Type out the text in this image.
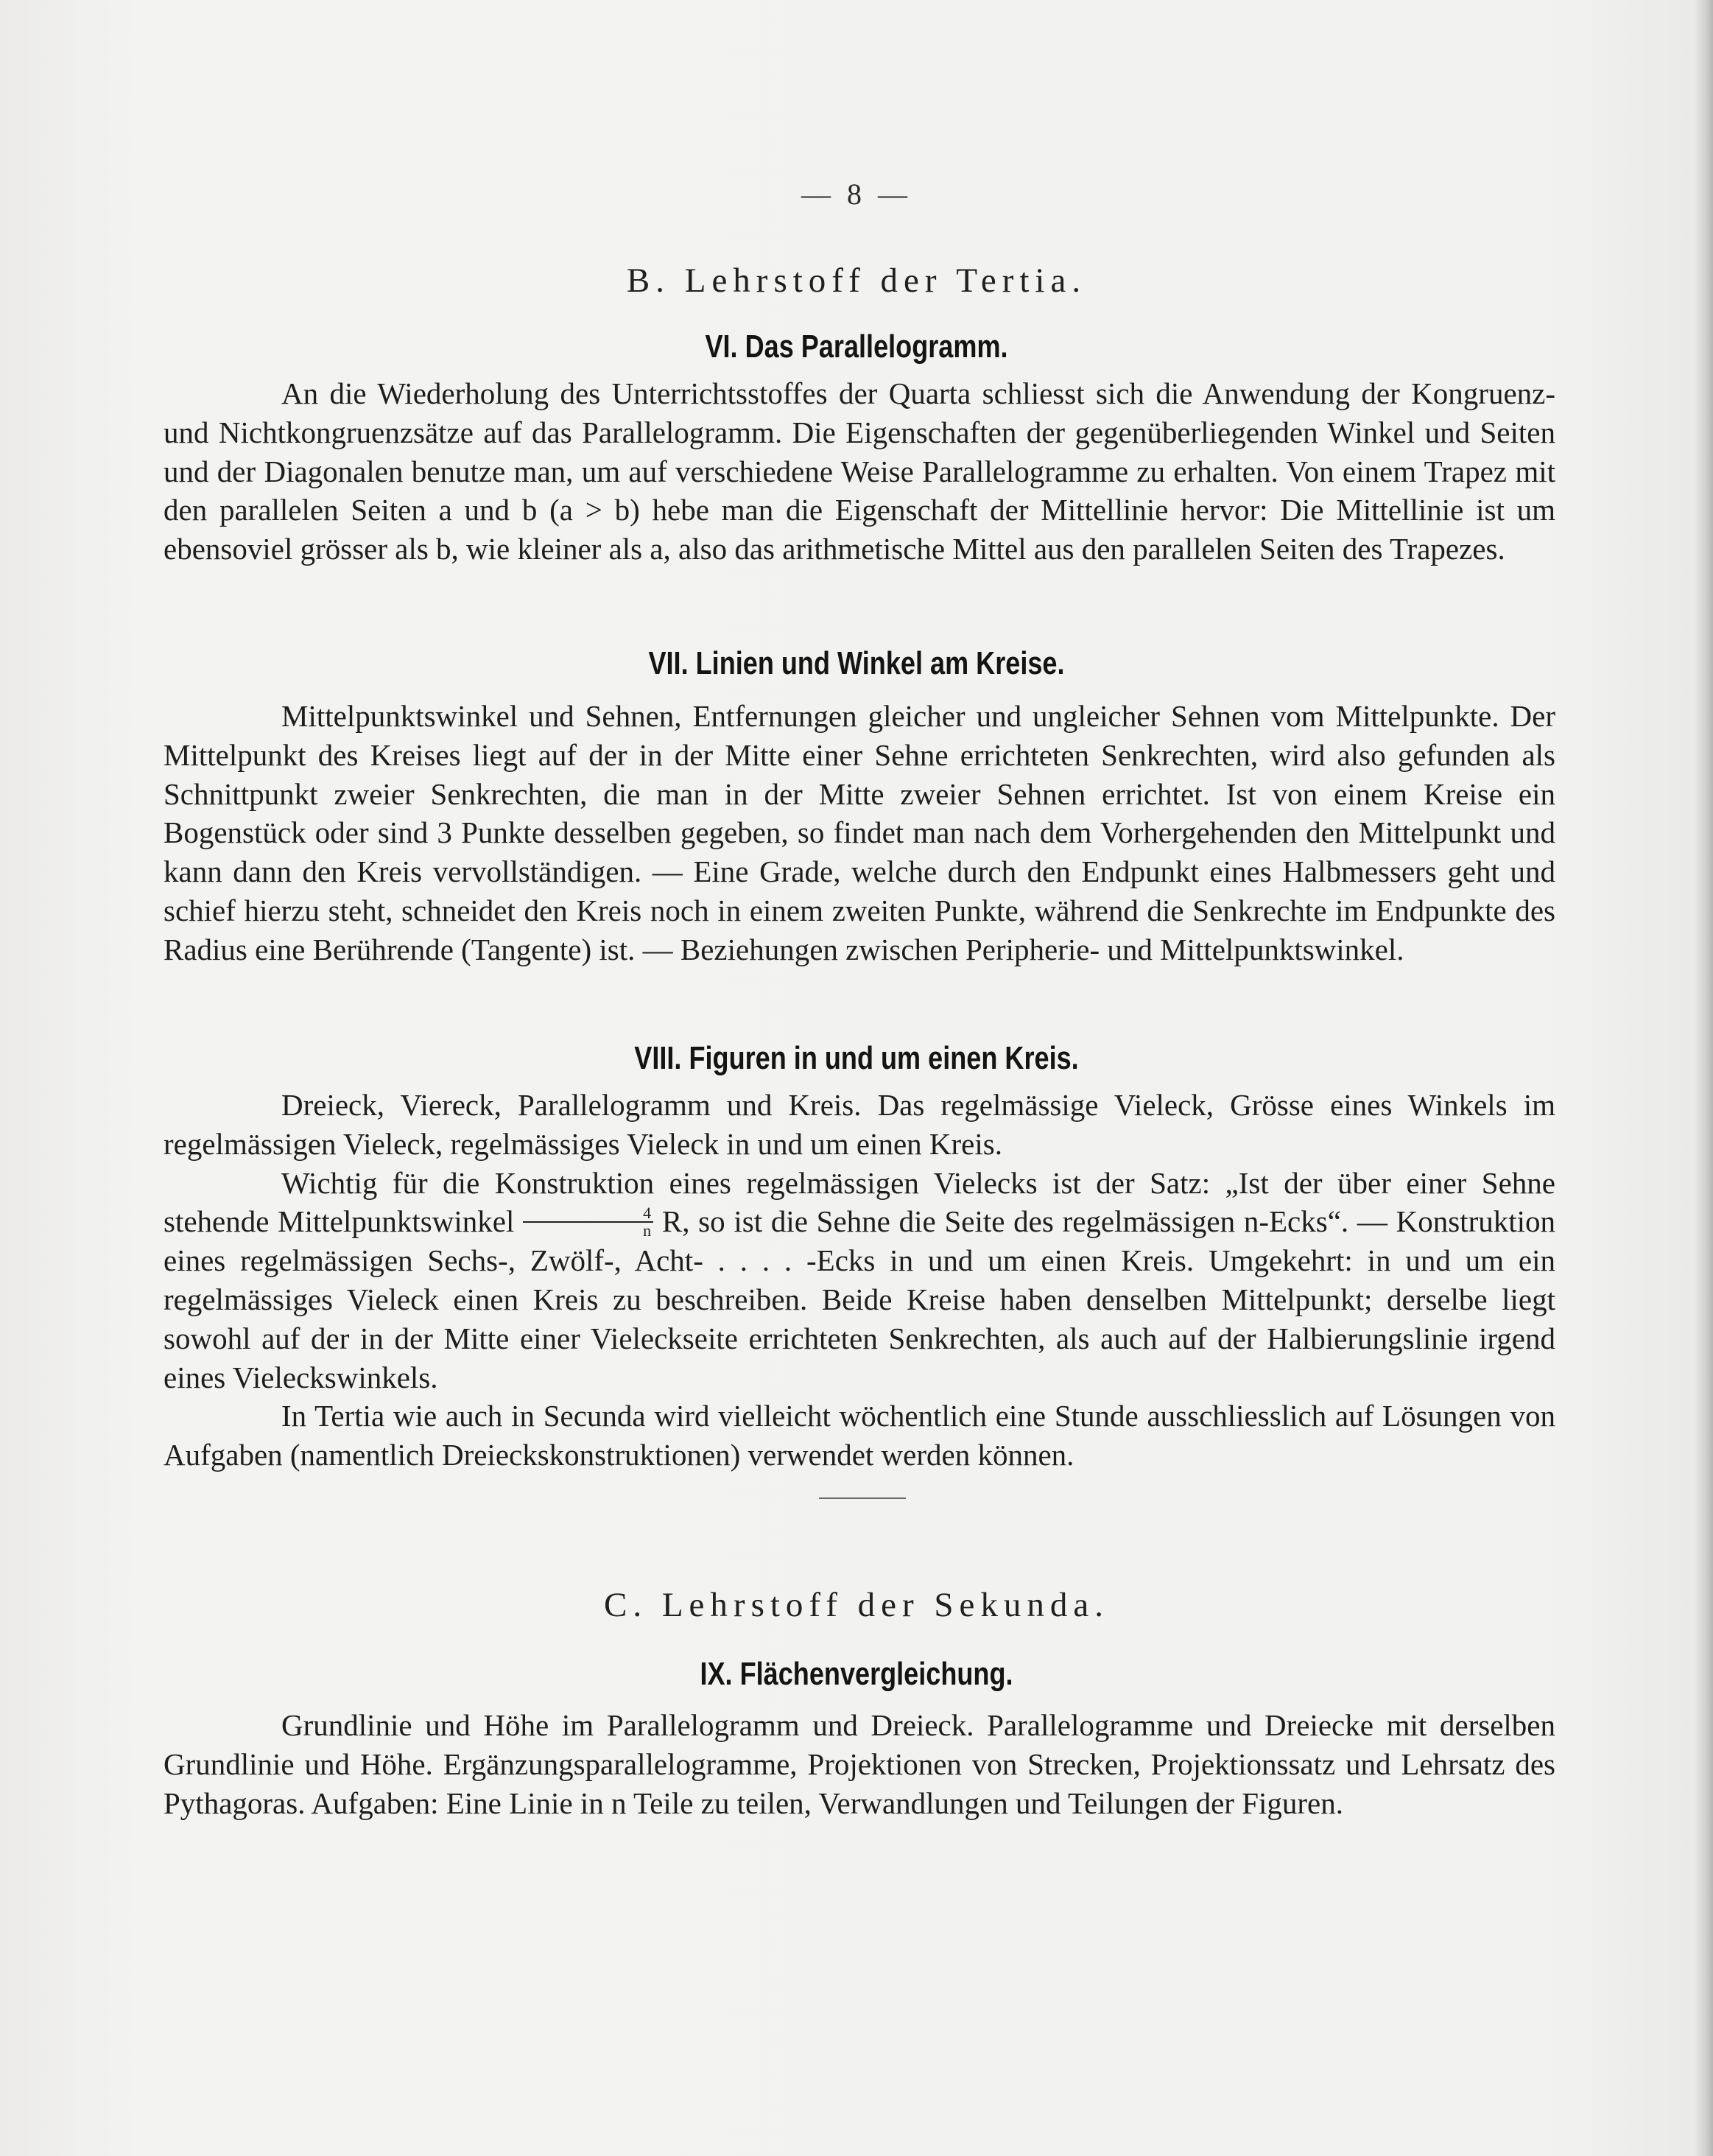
— 8 —
B. Lehrstoff der Tertia.
VI. Das Parallelogramm.

An die Wiederholung des Unterrichtsstoffes der Quarta schliesst sich die Anwendung der Kongruenz- und Nichtkongruenzsätze auf das Parallelogramm. Die Eigenschaften der gegenüberliegenden Winkel und Seiten und der Diagonalen benutze man, um auf verschiedene Weise Parallelogramme zu erhalten. Von einem Trapez mit den parallelen Seiten a und b (a > b) hebe man die Eigenschaft der Mittellinie hervor: Die Mittellinie ist um ebensoviel grösser als b, wie kleiner als a, also das arithmetische Mittel aus den parallelen Seiten des Trapezes.

VII. Linien und Winkel am Kreise.

Mittelpunktswinkel und Sehnen, Entfernungen gleicher und ungleicher Sehnen vom Mittelpunkte. Der Mittelpunkt des Kreises liegt auf der in der Mitte einer Sehne errichteten Senkrechten, wird also gefunden als Schnittpunkt zweier Senkrechten, die man in der Mitte zweier Sehnen errichtet. Ist von einem Kreise ein Bogenstück oder sind 3 Punkte desselben gegeben, so findet man nach dem Vorhergehenden den Mittelpunkt und kann dann den Kreis vervollständigen. — Eine Grade, welche durch den Endpunkt eines Halbmessers geht und schief hierzu steht, schneidet den Kreis noch in einem zweiten Punkte, während die Senkrechte im Endpunkte des Radius eine Berührende (Tangente) ist. — Beziehungen zwischen Peripherie- und Mittelpunktswinkel.

VIII. Figuren in und um einen Kreis.

Dreieck, Viereck, Parallelogramm und Kreis. Das regelmässige Vieleck, Grösse eines Winkels im regelmässigen Vieleck, regelmässiges Vieleck in und um einen Kreis.

Wichtig für die Konstruktion eines regelmässigen Vielecks ist der Satz: „Ist der über einer Sehne stehende Mittelpunktswinkel $\frac{4}{n} R$, so ist die Sehne die Seite des regelmässigen n-Ecks“. — Konstruktion eines regelmässigen Sechs-, Zwölf-, Acht- . . . . -Ecks in und um einen Kreis. Umgekehrt: in und um ein regelmässiges Vieleck einen Kreis zu beschreiben. Beide Kreise haben denselben Mittelpunkt; derselbe liegt sowohl auf der in der Mitte einer Vieleckseite errichteten Senkrechten, als auch auf der Halbierungslinie irgend eines Vieleckswinkels.

In Tertia wie auch in Secunda wird vielleicht wöchentlich eine Stunde ausschliesslich auf Lösungen von Aufgaben (namentlich Dreieckskonstruktionen) verwendet werden können.

C. Lehrstoff der Sekunda.
IX. Flächenvergleichung.

Grundlinie und Höhe im Parallelogramm und Dreieck. Parallelogramme und Dreiecke mit derselben Grundlinie und Höhe. Ergänzungsparallelogramme, Projektionen von Strecken, Projektionssatz und Lehrsatz des Pythagoras. Aufgaben: Eine Linie in n Teile zu teilen, Verwandlungen und Teilungen der Figuren.
